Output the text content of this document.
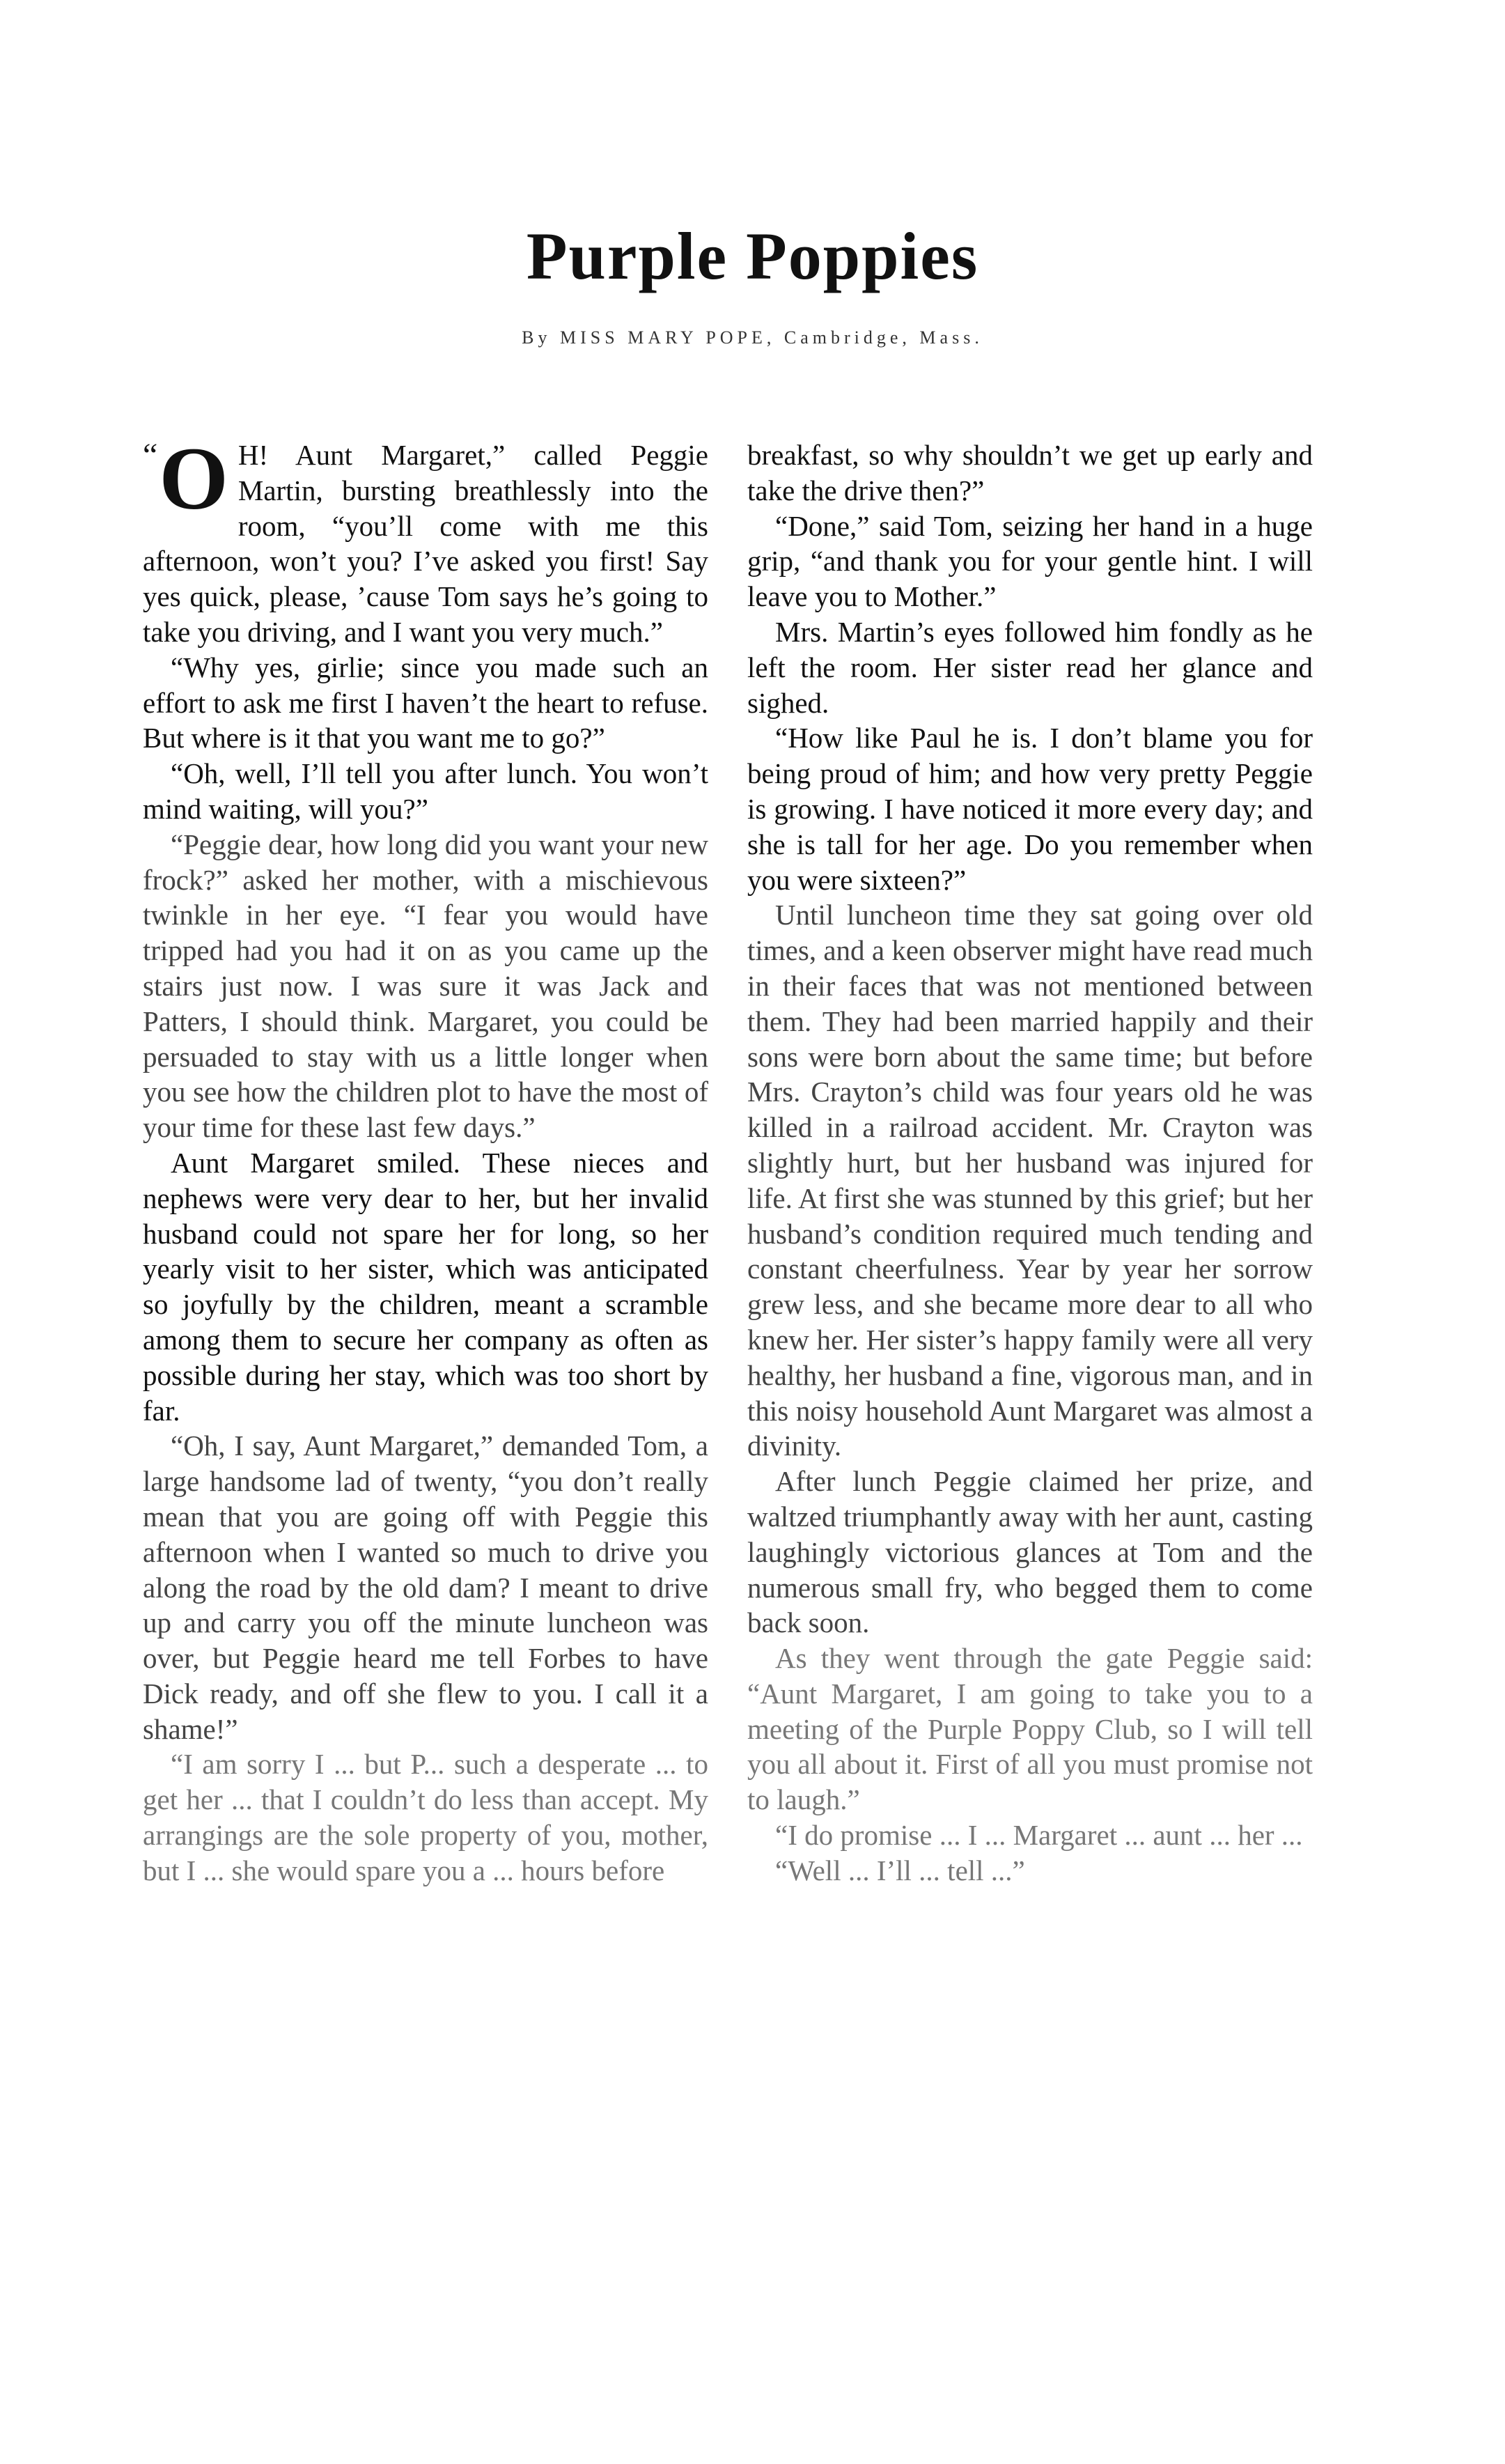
Purple Poppies
By MISS MARY POPE, Cambridge, Mass.

“ O H! Aunt Margaret,” called Peggie Martin, bursting breathlessly into the room, “you’ll come with me this afternoon, won’t you? I’ve asked you first! Say yes quick, please, ’cause Tom says he’s going to take you driving, and I want you very much.”

“Why yes, girlie; since you made such an effort to ask me first I haven’t the heart to refuse. But where is it that you want me to go?”

“Oh, well, I’ll tell you after lunch. You won’t mind waiting, will you?”

“Peggie dear, how long did you want your new frock?” asked her mother, with a mischievous twinkle in her eye. “I fear you would have tripped had you had it on as you came up the stairs just now. I was sure it was Jack and Patters, I should think. Margaret, you could be persuaded to stay with us a little longer when you see how the children plot to have the most of your time for these last few days.”

Aunt Margaret smiled. These nieces and nephews were very dear to her, but her invalid husband could not spare her for long, so her yearly visit to her sister, which was anticipated so joyfully by the children, meant a scramble among them to secure her company as often as possible during her stay, which was too short by far.

“Oh, I say, Aunt Margaret,” demanded Tom, a large handsome lad of twenty, “you don’t really mean that you are going off with Peggie this afternoon when I wanted so much to drive you along the road by the old dam? I meant to drive up and carry you off the minute luncheon was over, but Peggie heard me tell Forbes to have Dick ready, and off she flew to you. I call it a shame!”

“I am sorry I ... but P... such a desperate ... to get her ... that I couldn’t do less than accept. My arrangings are the sole property of you, mother, but I ... she would spare you a ... hours before

breakfast, so why shouldn’t we get up early and take the drive then?”

“Done,” said Tom, seizing her hand in a huge grip, “and thank you for your gentle hint. I will leave you to Mother.”

Mrs. Martin’s eyes followed him fondly as he left the room. Her sister read her glance and sighed.

“How like Paul he is. I don’t blame you for being proud of him; and how very pretty Peggie is growing. I have noticed it more every day; and she is tall for her age. Do you remember when you were sixteen?”

Until luncheon time they sat going over old times, and a keen observer might have read much in their faces that was not mentioned between them. They had been married happily and their sons were born about the same time; but before Mrs. Crayton’s child was four years old he was killed in a railroad accident. Mr. Crayton was slightly hurt, but her husband was injured for life. At first she was stunned by this grief; but her husband’s condition required much tending and constant cheerfulness. Year by year her sorrow grew less, and she became more dear to all who knew her. Her sister’s happy family were all very healthy, her husband a fine, vigorous man, and in this noisy household Aunt Margaret was almost a divinity.

After lunch Peggie claimed her prize, and waltzed triumphantly away with her aunt, casting laughingly victorious glances at Tom and the numerous small fry, who begged them to come back soon.

As they went through the gate Peggie said: “Aunt Margaret, I am going to take you to a meeting of the Purple Poppy Club, so I will tell you all about it. First of all you must promise not to laugh.”

“I do promise ... I ... Margaret ... aunt ... her ...

“Well ... I’ll ... tell ...”
